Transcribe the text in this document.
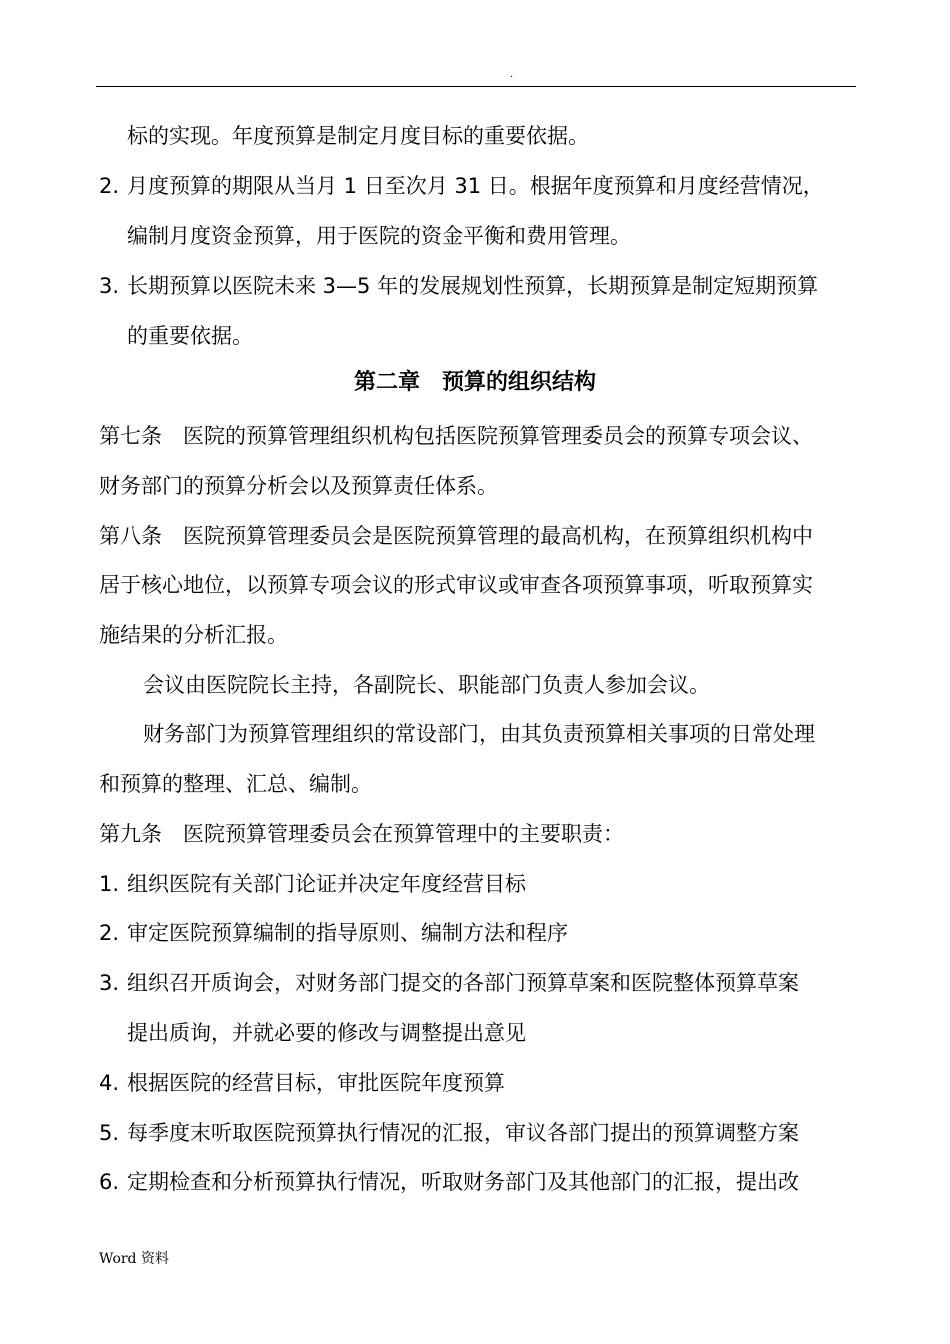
.
标的实现。年度预算是制定月度目标的重要依据。
2. 月度预算的期限从当月 1 日至次月 31 日。根据年度预算和月度经营情况，
编制月度资金预算，用于医院的资金平衡和费用管理。
3. 长期预算以医院未来 3—5 年的发展规划性预算，长期预算是制定短期预算
的重要依据。
第二章　预算的组织结构
第七条　医院的预算管理组织机构包括医院预算管理委员会的预算专项会议、
财务部门的预算分析会以及预算责任体系。
第八条　医院预算管理委员会是医院预算管理的最高机构，在预算组织机构中
居于核心地位，以预算专项会议的形式审议或审查各项预算事项，听取预算实
施结果的分析汇报。
会议由医院院长主持，各副院长、职能部门负责人参加会议。
财务部门为预算管理组织的常设部门，由其负责预算相关事项的日常处理
和预算的整理、汇总、编制。
第九条　医院预算管理委员会在预算管理中的主要职责：
1. 组织医院有关部门论证并决定年度经营目标
2. 审定医院预算编制的指导原则、编制方法和程序
3. 组织召开质询会，对财务部门提交的各部门预算草案和医院整体预算草案
提出质询，并就必要的修改与调整提出意见
4. 根据医院的经营目标，审批医院年度预算
5. 每季度末听取医院预算执行情况的汇报，审议各部门提出的预算调整方案
6. 定期检查和分析预算执行情况，听取财务部门及其他部门的汇报，提出改
Word 资料
